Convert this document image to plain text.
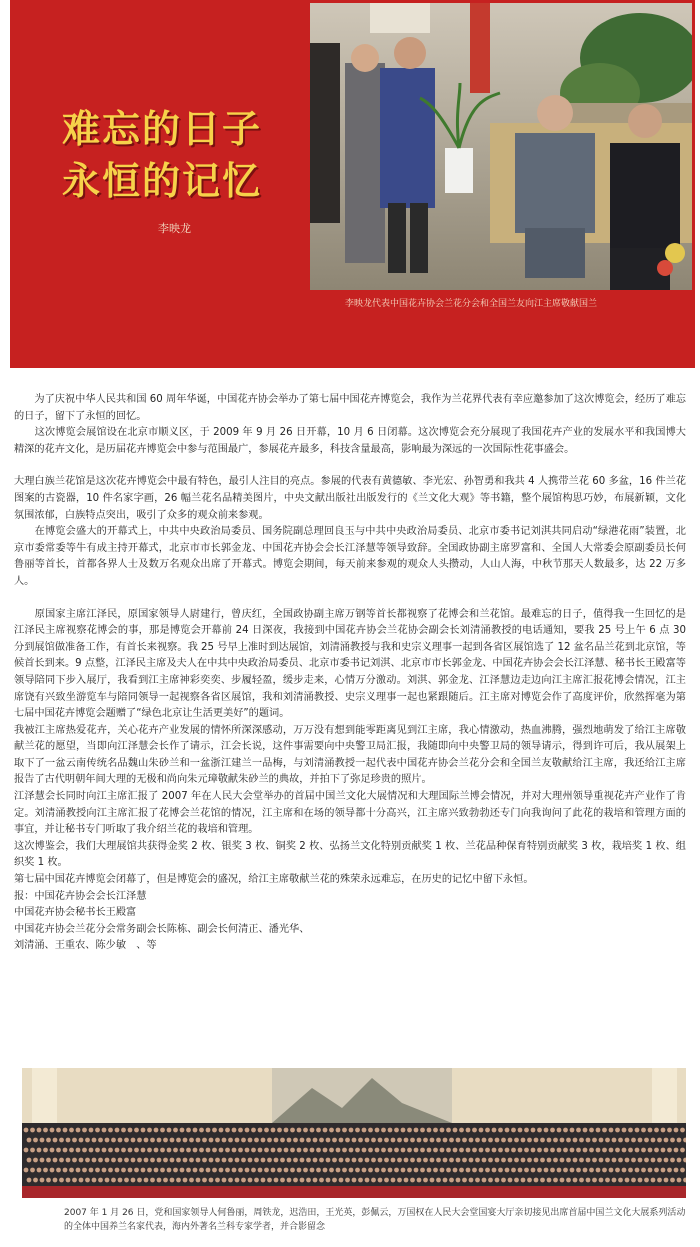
难忘的日子
永恒的记忆
李映龙
李映龙代表中国花卉协会兰花分会和全国兰友向江主席敬献国兰

　　为了庆祝中华人民共和国 60 周年华诞，中国花卉协会举办了第七届中国花卉博览会，我作为兰花界代表有幸应邀参加了这次博览会，经历了难忘的日子，留下了永恒的回忆。

　　这次博览会展馆设在北京市顺义区，于 2009 年 9 月 26 日开幕，10 月 6 日闭幕。这次博览会充分展现了我国花卉产业的发展水平和我国博大精深的花卉文化，是历届花卉博览会中参与范围最广，参展花卉最多，科技含量最高，影响最为深远的一次国际性花事盛会。

大理白族兰花馆是这次花卉博览会中最有特色，最引人注目的亮点。参展的代表有黄德敏、李光宏、孙智勇和我共 4 人携带兰花 60 多盆，16 件兰花图案的古瓷器，10 件名家字画，26 幅兰花名品精美图片，中央文献出版社出版发行的《兰文化大观》等书籍，整个展馆构思巧妙，布展新颖，文化氛围浓郁，白族特点突出，吸引了众多的观众前来参观。

　　在博览会盛大的开幕式上，中共中央政治局委员、国务院副总理回良玉与中共中央政治局委员、北京市委书记刘淇共同启动“绿港花雨”装置，北京市委常委等牛有成主持开幕式，北京市市长郭金龙、中国花卉协会会长江泽慧等领导致辞。全国政协副主席罗富和、全国人大常委会原副委员长何鲁丽等首长，首都各界人士及数万名观众出席了开幕式。博览会期间，每天前来参观的观众人头攒动，人山人海，中秋节那天人数最多，达 22 万多人。

　　原国家主席江泽民，原国家领导人尉建行，曾庆红，全国政协副主席万钢等首长都视察了花博会和兰花馆。最难忘的日子，值得我一生回忆的是江泽民主席视察花博会的事，那是博览会开幕前 24 日深夜，我接到中国花卉协会兰花协会副会长刘清涌教授的电话通知，要我 25 号上午 6 点 30 分到展馆做准备工作，有首长来视察。我 25 号早上准时到达展馆，刘清涌教授与我和史宗义理事一起到各省区展馆选了 12 盆名品兰花到北京馆，等候首长到来。9 点整，江泽民主席及夫人在中共中央政治局委员、北京市委书记刘淇、北京市市长郭金龙、中国花卉协会会长江泽慧、秘书长王殿富等领导陪同下步入展厅，我看到江主席神彩奕奕、步履轻盈，缓步走来，心情万分激动。刘淇、郭金龙、江泽慧边走边向江主席汇报花博会情况，江主席饶有兴致坐游览车与陪同领导一起视察各省区展馆，我和刘清涌教授、史宗义理事一起也紧跟随后。江主席对博览会作了高度评价，欣然挥毫为第七届中国花卉博览会题赠了“绿色北京让生活更美好”的题词。

我被江主席热爱花卉，关心花卉产业发展的情怀所深深感动，万万没有想到能零距离见到江主席，我心情激动，热血沸腾，强烈地萌发了给江主席敬献兰花的愿望，当即向江泽慧会长作了请示，江会长说，这件事需要向中央警卫局汇报，我随即向中央警卫局的领导请示，得到许可后，我从展架上取下了一盆云南传统名品魏山朱砂兰和一盆浙江建兰一品梅，与刘清涌教授一起代表中国花卉协会兰花分会和全国兰友敬献给江主席，我还给江主席报告了古代明朝年间大理的无极和尚向朱元璋敬献朱砂兰的典故，并拍下了弥足珍贵的照片。

江泽慧会长同时向江主席汇报了 2007 年在人民大会堂举办的首届中国兰文化大展情况和大理国际兰博会情况，并对大理州领导重视花卉产业作了肯定。刘清涌教授向江主席汇报了花博会兰花馆的情况，江主席和在场的领导都十分高兴，江主席兴致勃勃还专门向我询问了此花的栽培和管理方面的事宜，并让秘书专门听取了我介绍兰花的栽培和管理。

这次博鉴会，我们大理展馆共获得金奖 2 枚、银奖 3 枚、铜奖 2 枚、弘扬兰文化特别贡献奖 1 枚、兰花品种保育特别贡献奖 3 枚，栽培奖 1 枚、组织奖 1 枚。

第七届中国花卉博览会闭幕了，但是博览会的盛况，给江主席敬献兰花的殊荣永远难忘，在历史的记忆中留下永恒。

报：中国花卉协会会长江泽慧

中国花卉协会秘书长王殿富

中国花卉协会兰花分会常务副会长陈栋、副会长何清正、潘光华、

刘清涌、王重农、陈少敏　、等

2007 年 1 月 26 日，党和国家领导人何鲁丽，周铁龙，迟浩田，王光英，彭佩云，万国权在人民大会堂国宴大厅亲切接见出席首届中国兰文化大展系列活动的全体中国养兰名家代表，海内外著名兰科专家学者，并合影留念
